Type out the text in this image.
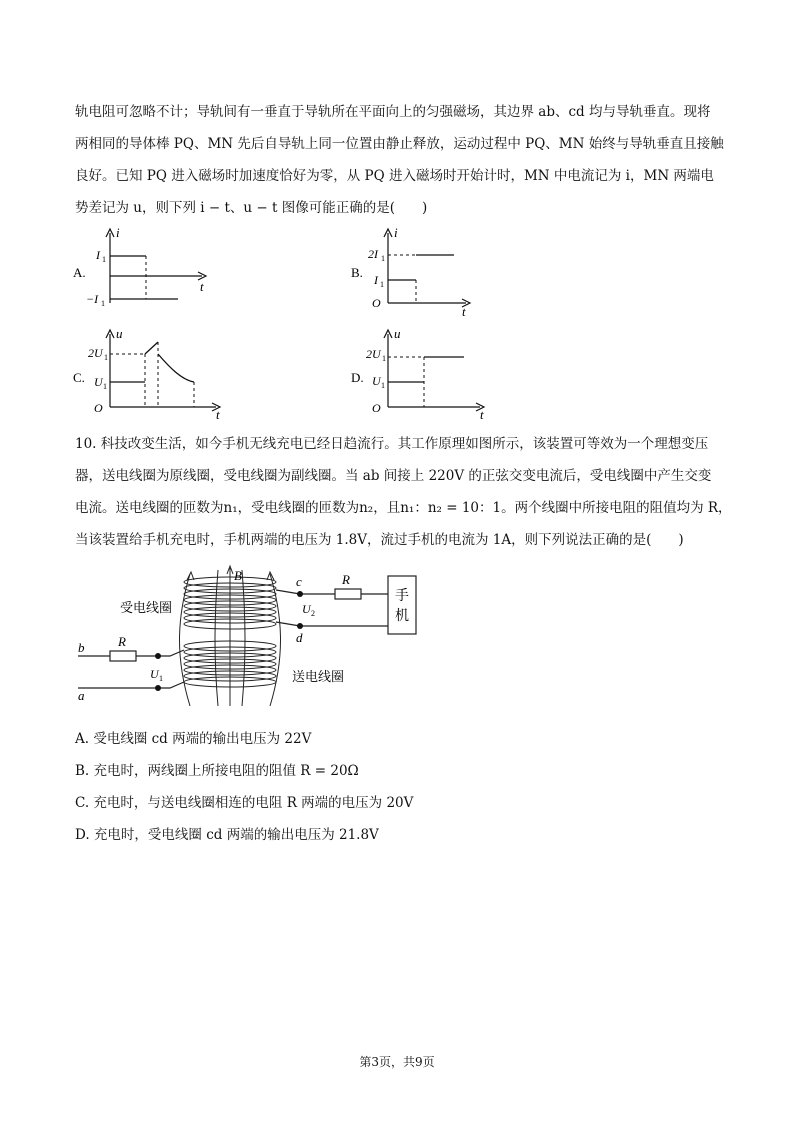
轨电阻可忽略不计；导轨间有一垂直于导轨所在平面向上的匀强磁场，其边界 ab、cd 均与导轨垂直。现将
两相同的导体棒 PQ、MN 先后自导轨上同一位置由静止释放，运动过程中 PQ、MN 始终与导轨垂直且接触
良好。已知 PQ 进入磁场时加速度恰好为零，从 PQ 进入磁场时开始计时，MN 中电流记为 i，MN 两端电
势差记为 u，则下列 i − t、u − t 图像可能正确的是(　　)
A.
i
t
I 1
−I 1
B.
i
t
O
2I 1
I 1
C.
u
t
O
2U 1
U 1
D.
u
t
O
2U 1
U 1
10. 科技改变生活，如今手机无线充电已经日趋流行。其工作原理如图所示，该装置可等效为一个理想变压
器，送电线圈为原线圈，受电线圈为副线圈。当 ab 间接上 220V 的正弦交变电流后，受电线圈中产生交变
电流。送电线圈的匝数为n₁，受电线圈的匝数为n₂，且n₁：n₂ = 10：1。两个线圈中所接电阻的阻值均为 R，
当该装置给手机充电时，手机两端的电压为 1.8V，流过手机的电流为 1A，则下列说法正确的是(　　)
B
受电线圈
送电线圈
c
d
R
U 2
手
机
b
a
R
U 1
A. 受电线圈 cd 两端的输出电压为 22V
B. 充电时，两线圈上所接电阻的阻值 R = 20Ω
C. 充电时，与送电线圈相连的电阻 R 两端的电压为 20V
D. 充电时，受电线圈 cd 两端的输出电压为 21.8V
第3页，共9页
